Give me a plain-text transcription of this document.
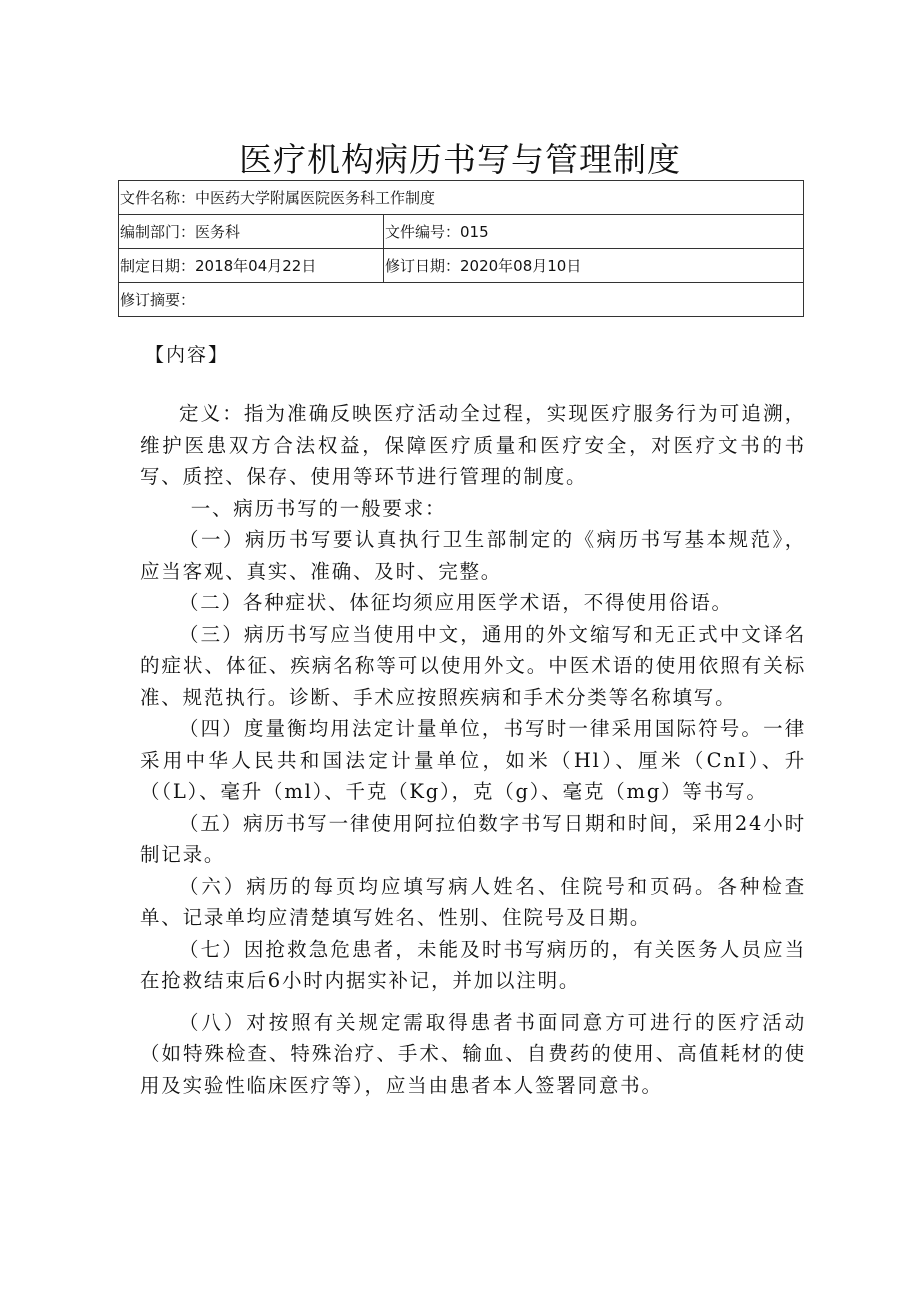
医疗机构病历书写与管理制度
文件名称：中医药大学附属医院医务科工作制度	
编制部门：医务科	文件编号：015
制定日期：2018年04月22日	修订日期：2020年08月10日
修订摘要：	
【内容】

定义：指为准确反映医疗活动全过程，实现医疗服务行为可追溯，维护医患双方合法权益，保障医疗质量和医疗安全，对医疗文书的书写、质控、保存、使用等环节进行管理的制度。

一、病历书写的一般要求：

（一）病历书写要认真执行卫生部制定的《病历书写基本规范》，应当客观、真实、准确、及时、完整。

（二）各种症状、体征均须应用医学术语，不得使用俗语。

（三）病历书写应当使用中文，通用的外文缩写和无正式中文译名的症状、体征、疾病名称等可以使用外文。中医术语的使用依照有关标准、规范执行。诊断、手术应按照疾病和手术分类等名称填写。

（四）度量衡均用法定计量单位，书写时一律采用国际符号。一律采用中华人民共和国法定计量单位，如米（Hl）、厘米（CnI）、升（（L）、毫升（ml）、千克（Kg），克（g）、毫克（mg）等书写。

（五）病历书写一律使用阿拉伯数字书写日期和时间，采用24小时制记录。

（六）病历的每页均应填写病人姓名、住院号和页码。各种检查单、记录单均应清楚填写姓名、性别、住院号及日期。

（七）因抢救急危患者，未能及时书写病历的，有关医务人员应当在抢救结束后6小时内据实补记，并加以注明。

（八）对按照有关规定需取得患者书面同意方可进行的医疗活动（如特殊检查、特殊治疗、手术、输血、自费药的使用、高值耗材的使用及实验性临床医疗等），应当由患者本人签署同意书。
